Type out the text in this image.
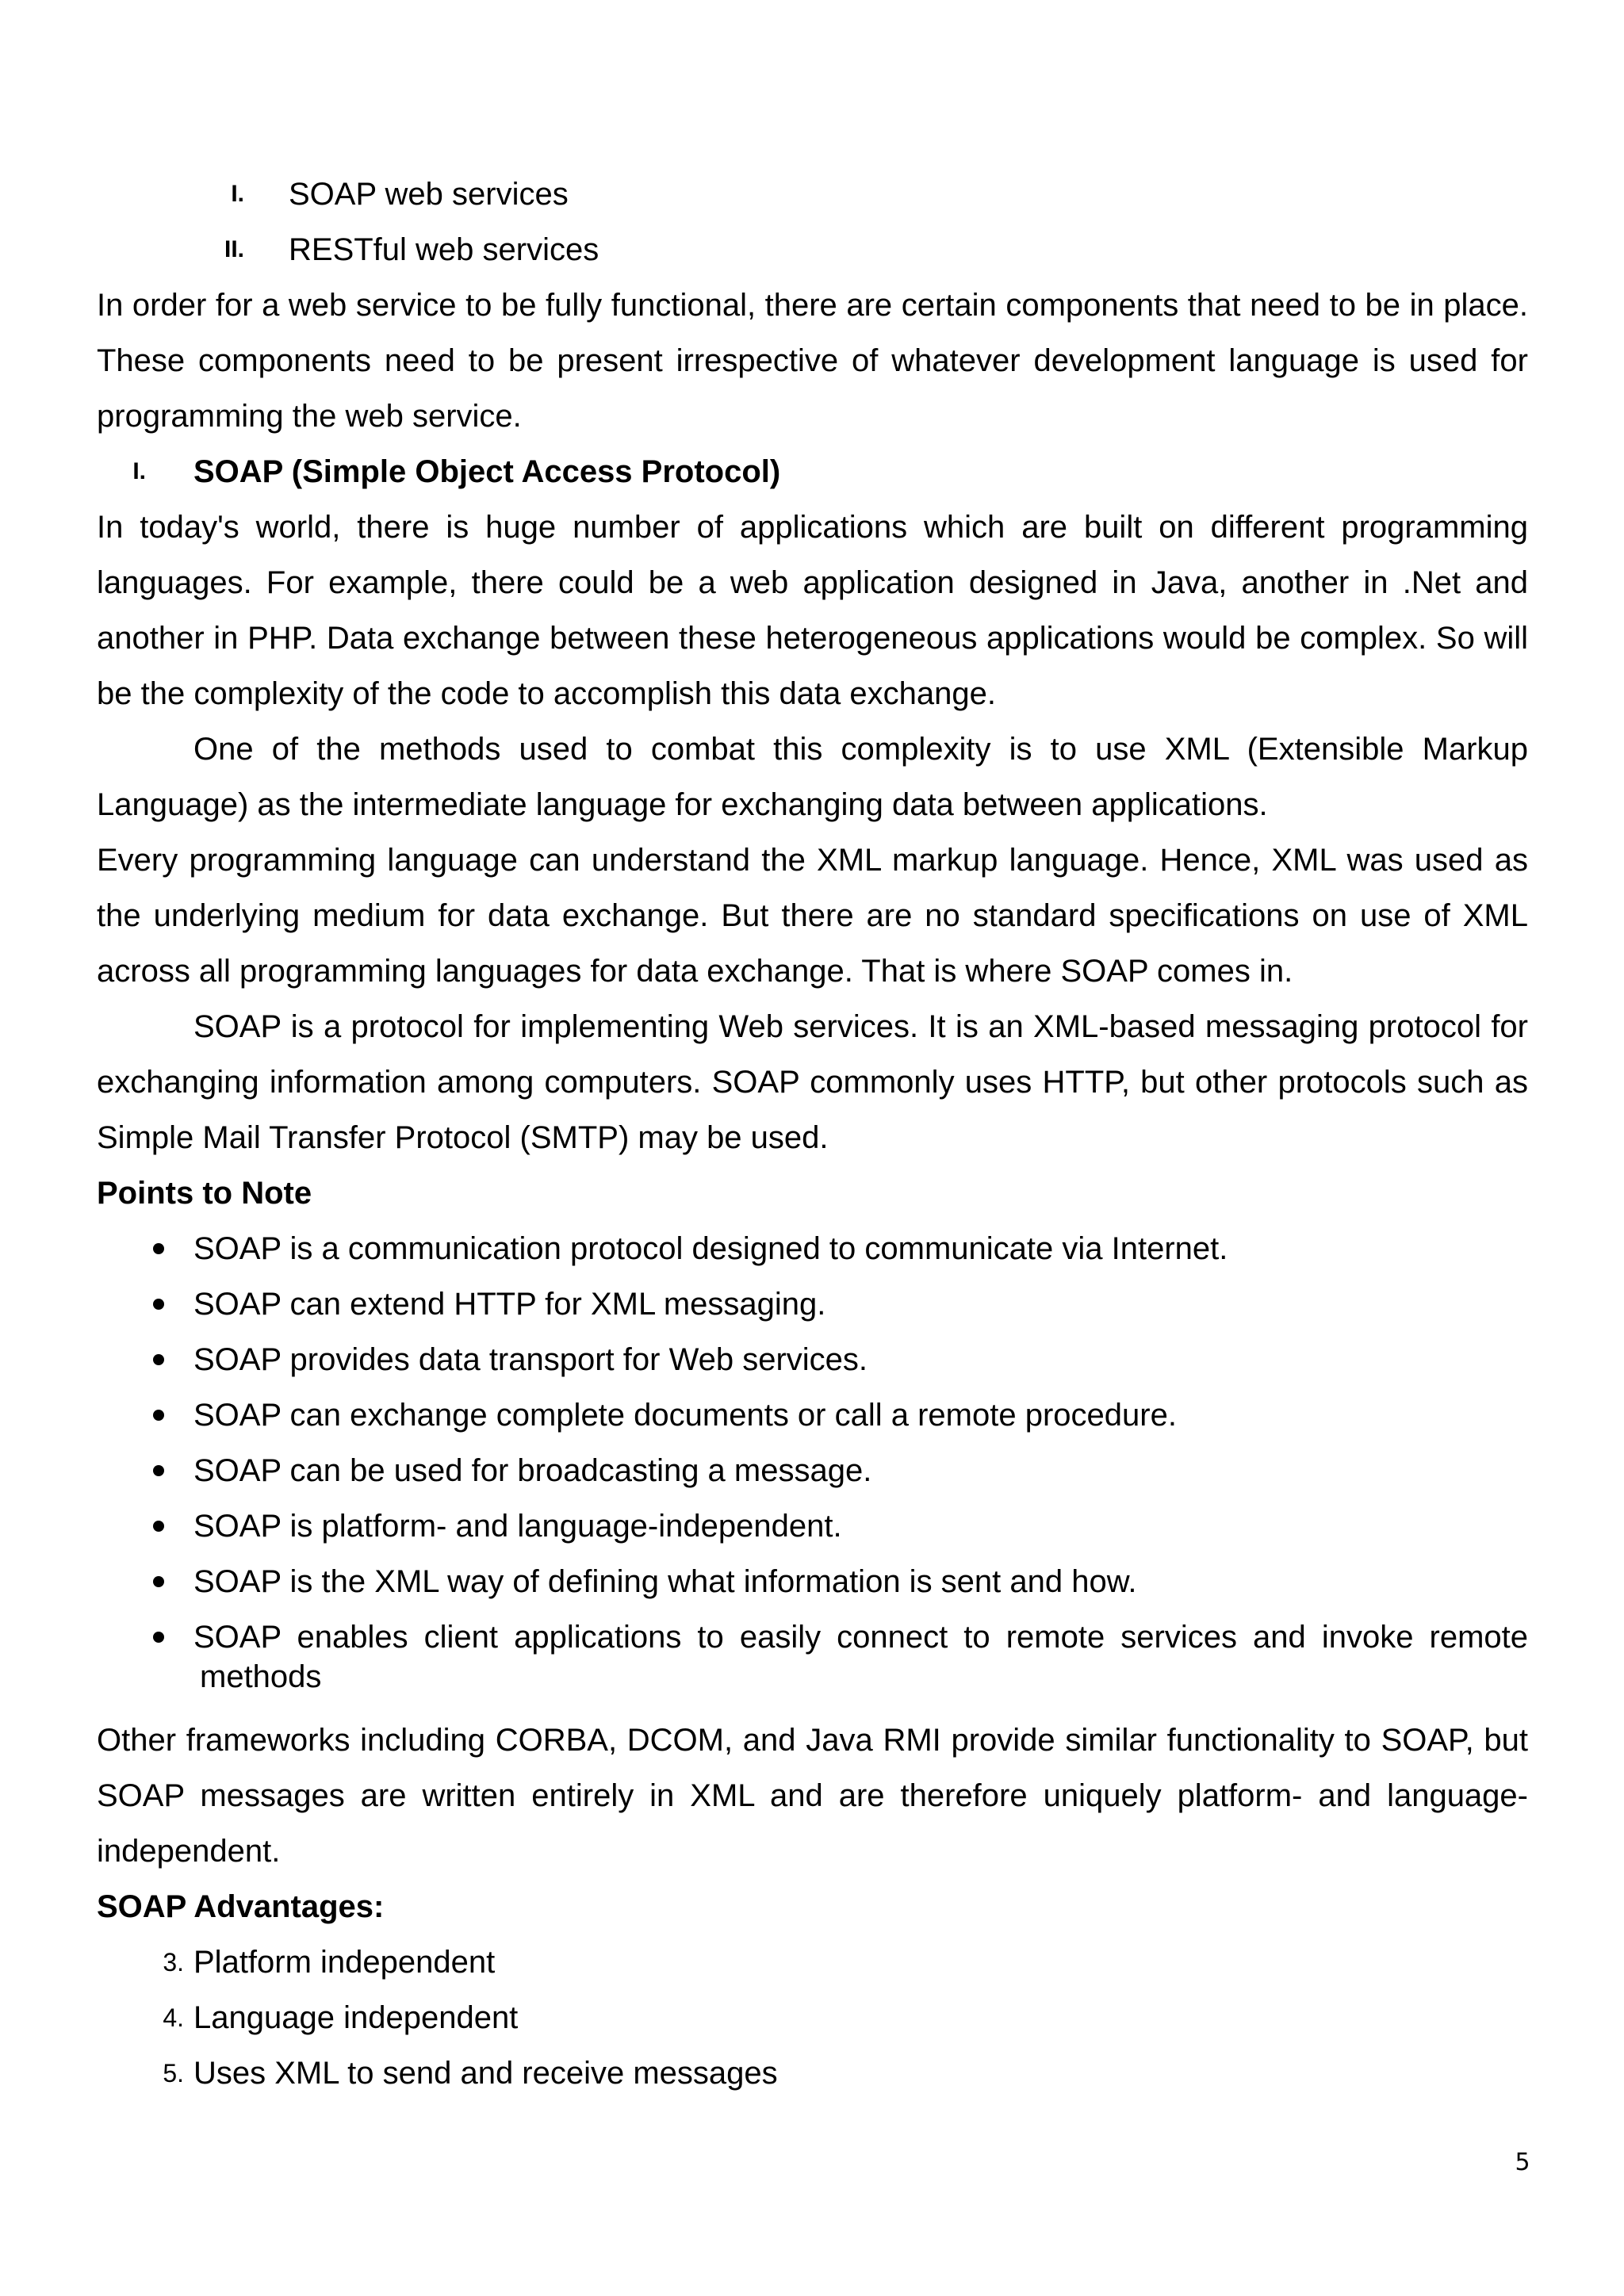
I. SOAP web services
II. RESTful web services
In order for a web service to be fully functional, there are certain components that need to be in place. These components need to be present irrespective of whatever development language is used for programming the web service.
I. SOAP (Simple Object Access Protocol)
In today's world, there is huge number of applications which are built on different programming languages. For example, there could be a web application designed in Java, another in .Net and another in PHP. Data exchange between these heterogeneous applications would be complex. So will be the complexity of the code to accomplish this data exchange.
One of the methods used to combat this complexity is to use XML (Extensible Markup Language) as the intermediate language for exchanging data between applications.
Every programming language can understand the XML markup language. Hence, XML was used as the underlying medium for data exchange. But there are no standard specifications on use of XML across all programming languages for data exchange. That is where SOAP comes in.
SOAP is a protocol for implementing Web services. It is an XML-based messaging protocol for exchanging information among computers. SOAP commonly uses HTTP, but other protocols such as Simple Mail Transfer Protocol (SMTP) may be used.
Points to Note
SOAP is a communication protocol designed to communicate via Internet.
SOAP can extend HTTP for XML messaging.
SOAP provides data transport for Web services.
SOAP can exchange complete documents or call a remote procedure.
SOAP can be used for broadcasting a message.
SOAP is platform- and language-independent.
SOAP is the XML way of defining what information is sent and how.
SOAP enables client applications to easily connect to remote services and invoke remote
methods
Other frameworks including CORBA, DCOM, and Java RMI provide similar functionality to SOAP, but SOAP messages are written entirely in XML and are therefore uniquely platform- and language-independent.
SOAP Advantages:
3. Platform independent
4. Language independent
5. Uses XML to send and receive messages
5
